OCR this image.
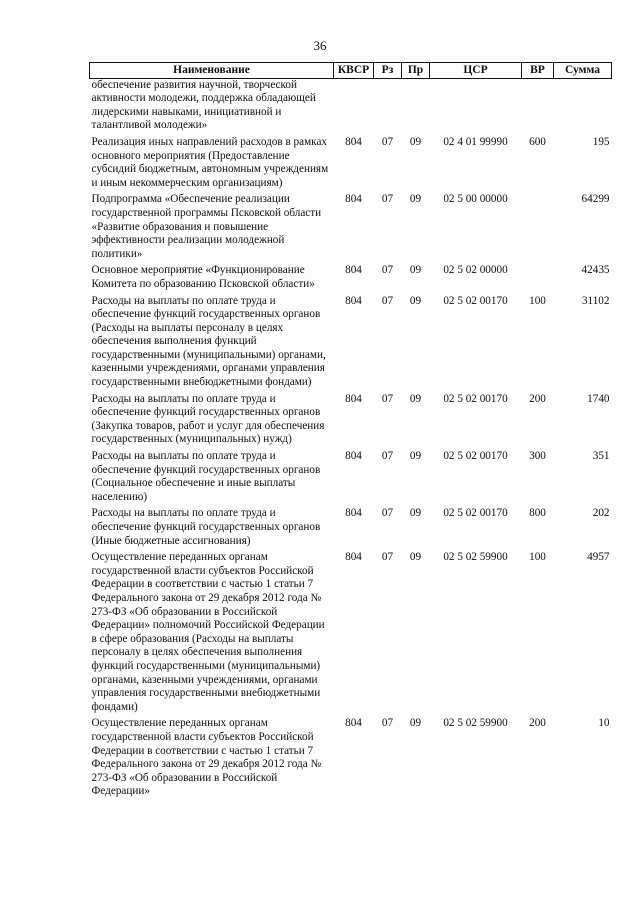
36
Наименование	КВСР	Рз	Пр	ЦСР	ВР	Сумма
обеспечение развития научной, творческой активности молодежи, поддержка обладающей лидерскими навыками, инициативной и талантливой молодежи»						
Реализация иных направлений расходов в рамках основного мероприятия (Предоставление субсидий бюджетным, автономным учреждениям и иным некоммерческим организациям)	804	07	09	02 4 01 99990	600	195
Подпрограмма «Обеспечение реализации государственной программы Псковской области «Развитие образования и повышение эффективности реализации молодежной политики»	804	07	09	02 5 00 00000		64299
Основное мероприятие «Функционирование Комитета по образованию Псковской области»	804	07	09	02 5 02 00000		42435
Расходы на выплаты по оплате труда и обеспечение функций государственных органов (Расходы на выплаты персоналу в целях обеспечения выполнения функций государственными (муниципальными) органами, казенными учреждениями, органами управления государственными внебюджетными фондами)	804	07	09	02 5 02 00170	100	31102
Расходы на выплаты по оплате труда и обеспечение функций государственных органов (Закупка товаров, работ и услуг для обеспечения государственных (муниципальных) нужд)	804	07	09	02 5 02 00170	200	1740
Расходы на выплаты по оплате труда и обеспечение функций государственных органов (Социальное обеспечение и иные выплаты населению)	804	07	09	02 5 02 00170	300	351
Расходы на выплаты по оплате труда и обеспечение функций государственных органов (Иные бюджетные ассигнования)	804	07	09	02 5 02 00170	800	202
Осуществление переданных органам государственной власти субъектов Российской Федерации в соответствии с частью 1 статьи 7 Федерального закона от 29 декабря 2012 года № 273-ФЗ «Об образовании в Российской Федерации» полномочий Российской Федерации в сфере образования (Расходы на выплаты персоналу в целях обеспечения выполнения функций государственными (муниципальными) органами, казенными учреждениями, органами управления государственными внебюджетными фондами)	804	07	09	02 5 02 59900	100	4957
Осуществление переданных органам государственной власти субъектов Российской Федерации в соответствии с частью 1 статьи 7 Федерального закона от 29 декабря 2012 года № 273-ФЗ «Об образовании в Российской Федерации»	804	07	09	02 5 02 59900	200	10
